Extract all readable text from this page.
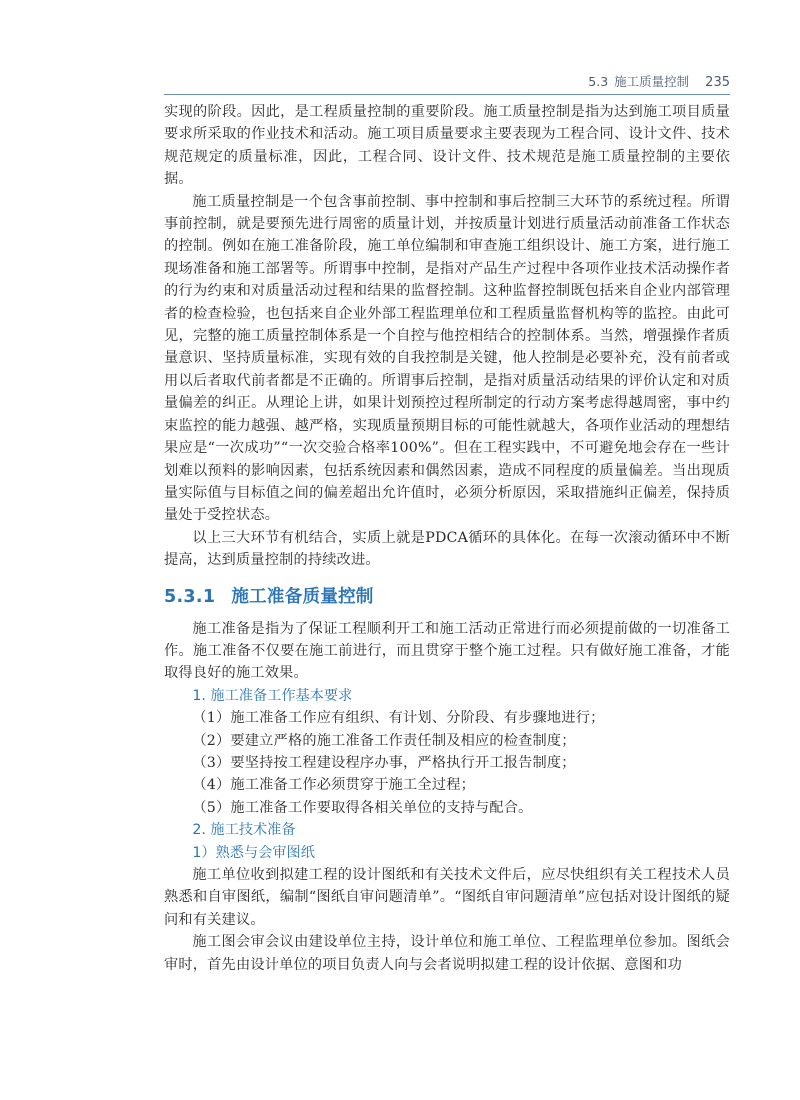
5.3 施工质量控制 235

实现的阶段。因此，是工程质量控制的重要阶段。施工质量控制是指为达到施工项目质量要求所采取的作业技术和活动。施工项目质量要求主要表现为工程合同、设计文件、技术规范规定的质量标准，因此，工程合同、设计文件、技术规范是施工质量控制的主要依据。

施工质量控制是一个包含事前控制、事中控制和事后控制三大环节的系统过程。所谓事前控制，就是要预先进行周密的质量计划，并按质量计划进行质量活动前准备工作状态的控制。例如在施工准备阶段，施工单位编制和审查施工组织设计、施工方案，进行施工现场准备和施工部署等。所谓事中控制，是指对产品生产过程中各项作业技术活动操作者的行为约束和对质量活动过程和结果的监督控制。这种监督控制既包括来自企业内部管理者的检查检验，也包括来自企业外部工程监理单位和工程质量监督机构等的监控。由此可见，完整的施工质量控制体系是一个自控与他控相结合的控制体系。当然，增强操作者质量意识、坚持质量标准，实现有效的自我控制是关键，他人控制是必要补充，没有前者或用以后者取代前者都是不正确的。所谓事后控制，是指对质量活动结果的评价认定和对质量偏差的纠正。从理论上讲，如果计划预控过程所制定的行动方案考虑得越周密，事中约束监控的能力越强、越严格，实现质量预期目标的可能性就越大，各项作业活动的理想结果应是“一次成功”“一次交验合格率100%”。但在工程实践中，不可避免地会存在一些计划难以预料的影响因素，包括系统因素和偶然因素，造成不同程度的质量偏差。当出现质量实际值与目标值之间的偏差超出允许值时，必须分析原因，采取措施纠正偏差，保持质量处于受控状态。

以上三大环节有机结合，实质上就是PDCA循环的具体化。在每一次滚动循环中不断提高，达到质量控制的持续改进。

5.3.1 施工准备质量控制

施工准备是指为了保证工程顺利开工和施工活动正常进行而必须提前做的一切准备工作。施工准备不仅要在施工前进行，而且贯穿于整个施工过程。只有做好施工准备，才能取得良好的施工效果。

1. 施工准备工作基本要求

（1）施工准备工作应有组织、有计划、分阶段、有步骤地进行；

（2）要建立严格的施工准备工作责任制及相应的检查制度；

（3）要坚持按工程建设程序办事，严格执行开工报告制度；

（4）施工准备工作必须贯穿于施工全过程；

（5）施工准备工作要取得各相关单位的支持与配合。

2. 施工技术准备

1）熟悉与会审图纸

施工单位收到拟建工程的设计图纸和有关技术文件后，应尽快组织有关工程技术人员熟悉和自审图纸，编制“图纸自审问题清单”。“图纸自审问题清单”应包括对设计图纸的疑问和有关建议。

施工图会审会议由建设单位主持，设计单位和施工单位、工程监理单位参加。图纸会审时，首先由设计单位的项目负责人向与会者说明拟建工程的设计依据、意图和功
